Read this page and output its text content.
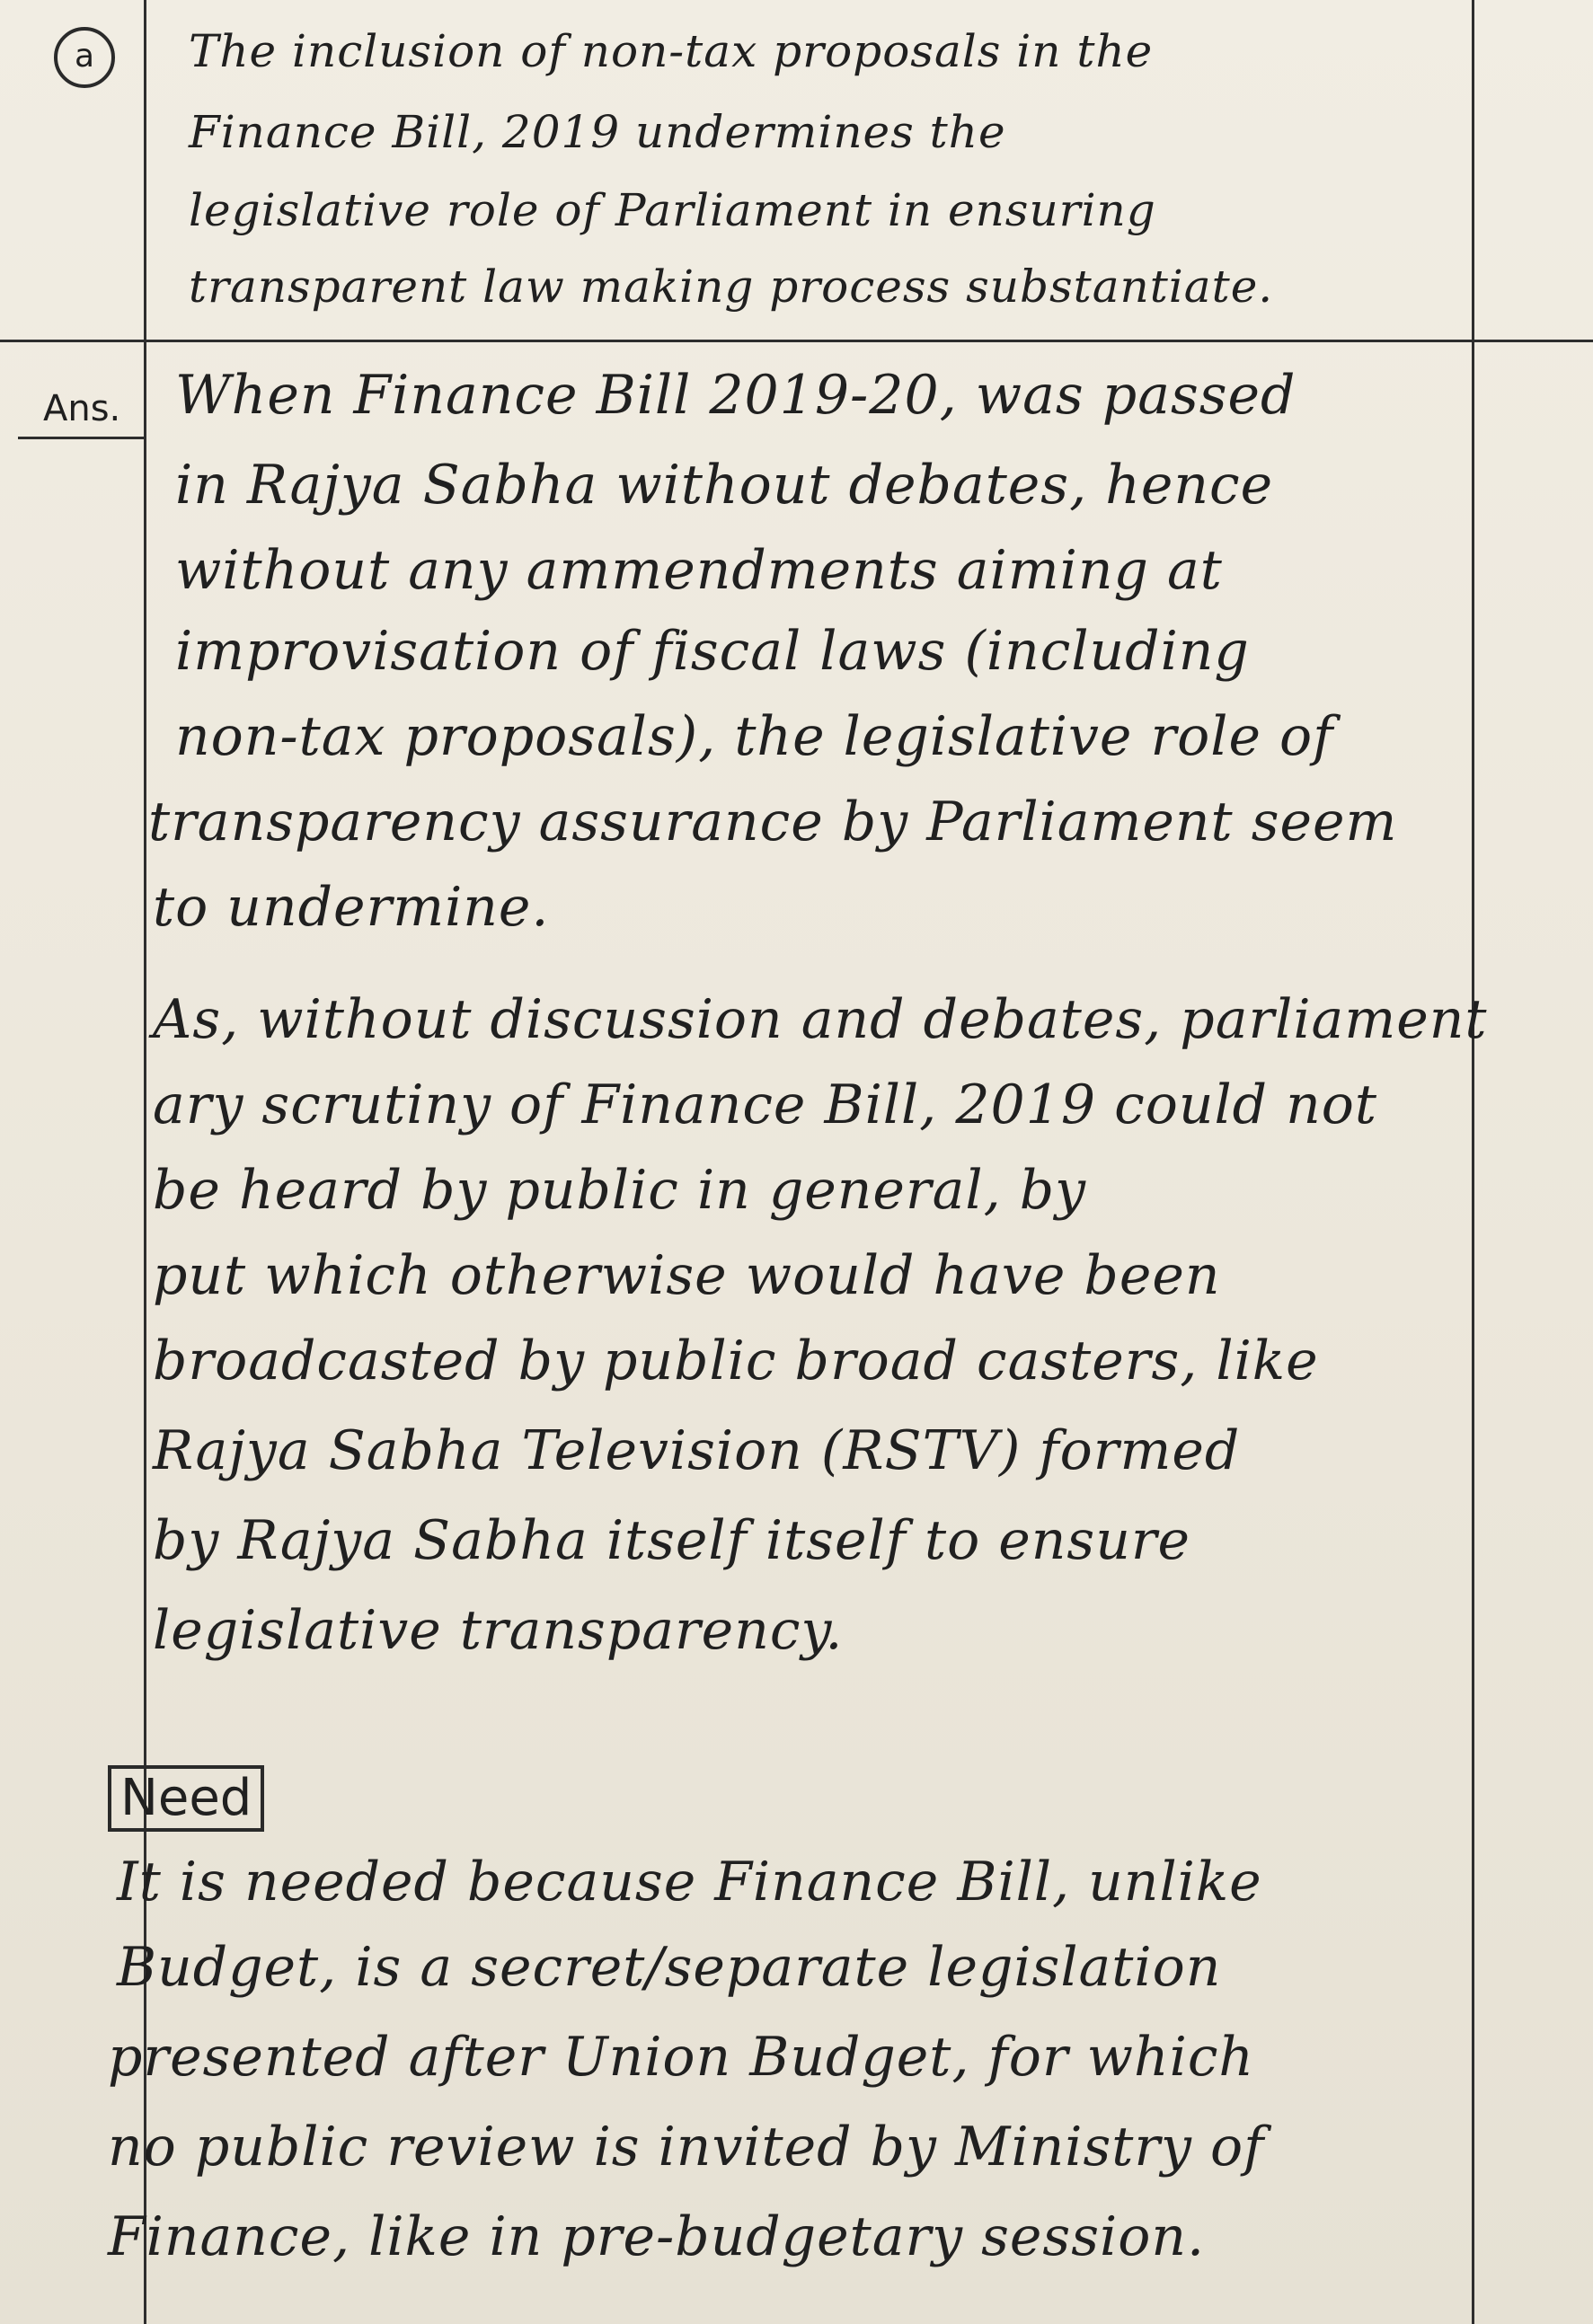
a	The inclusion of non-tax proposals in the
Finance Bill, 2019 undermines the
legislative role of Parliament in ensuring
transparent law making process substantiate.
Ans. When Finance Bill 2019-20, was passed
in Rajya Sabha without debates, hence
without any ammendments aiming at
improvisation of fiscal laws (including
non-tax proposals), the legislative role of
transparency assurance by Parliament seem
to undermine.
As, without discussion and debates, parliament
ary scrutiny of Finance Bill, 2019 could not
be heard by public in general, by
put which otherwise would have been
broadcasted by public broad casters, like
Rajya Sabha Television (RSTV) formed
by Rajya Sabha itself itself to ensure
legislative transparency.
Need
It is needed because Finance Bill, unlike
Budget, is a secret/separate legislation
presented after Union Budget, for which
no public review is invited by Ministry of
Finance, like in pre-budgetary session.
